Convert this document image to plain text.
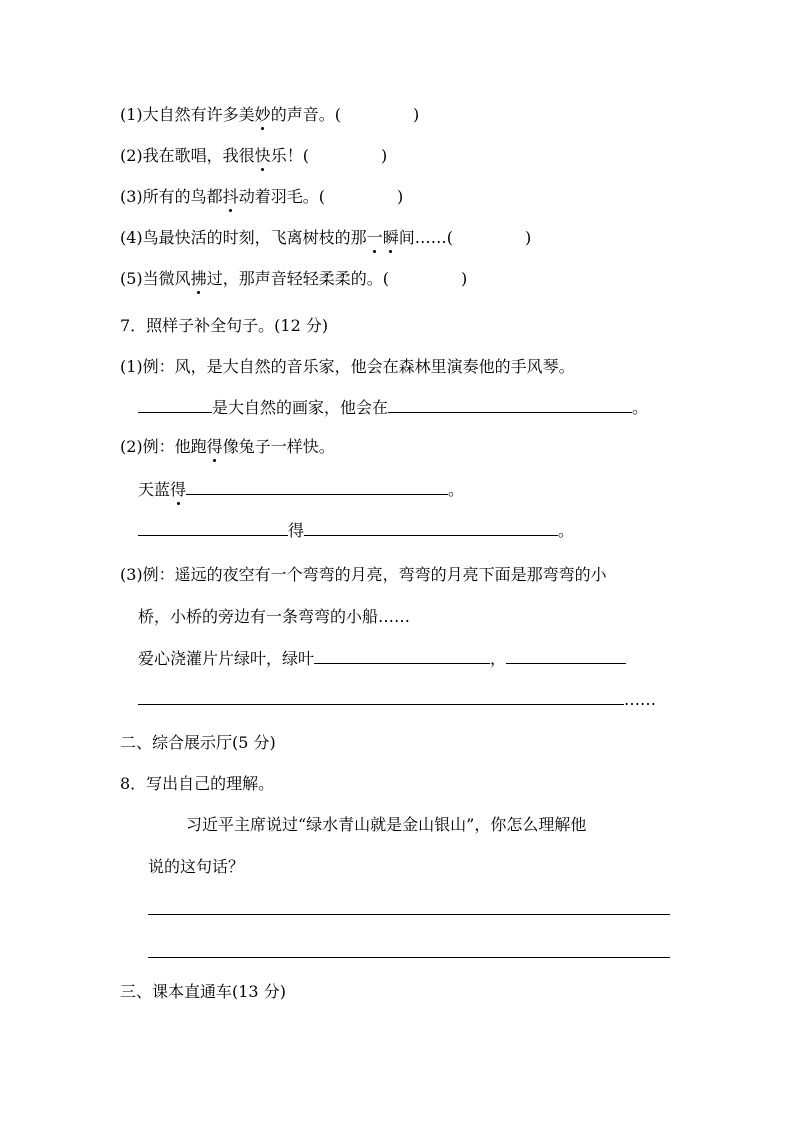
(1)大自然有许多美妙的声音。(	)
(2)我在歌唱，我很快乐！(	)
(3)所有的鸟都抖动着羽毛。(	)
(4)鸟最快活的时刻，飞离树枝的那一瞬间……(	)
(5)当微风拂过，那声音轻轻柔柔的。(	)
7．照样子补全句子。(12 分)
(1)例：风，是大自然的音乐家，他会在森林里演奏他的手风琴。
是大自然的画家，他会在	。
(2)例：他跑得像兔子一样快。
天蓝得	。
得	。
(3)例：遥远的夜空有一个弯弯的月亮，弯弯的月亮下面是那弯弯的小
桥，小桥的旁边有一条弯弯的小船……
爱心浇灌片片绿叶，绿叶	，
……
二、综合展示厅(5 分)
8．写出自己的理解。
习近平主席说过“绿水青山就是金山银山”，你怎么理解他
说的这句话？
三、课本直通车(13 分)
